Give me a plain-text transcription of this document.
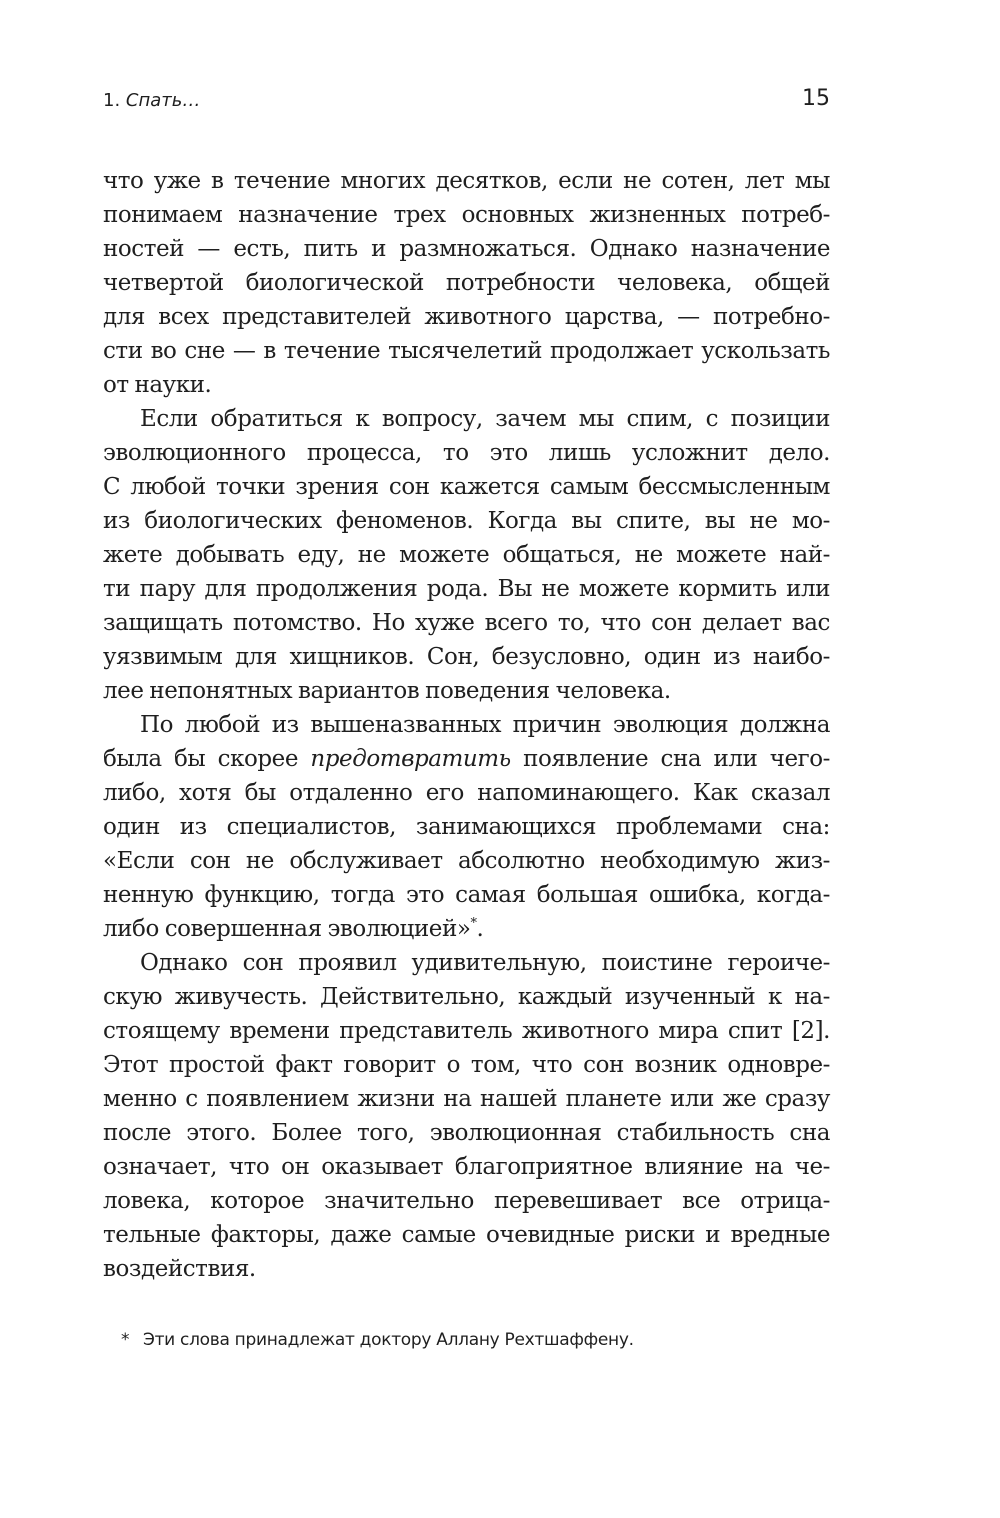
1. Спать…	15
что уже в течение многих десятков, если не сотен, лет мы
понимаем назначение трех основных жизненных потреб-
ностей — есть, пить и размножаться. Однако назначение
четвертой биологической потребности человека, общей
для всех представителей животного царства, — потребно-
сти во сне — в течение тысячелетий продолжает ускользать
от науки.
Если обратиться к вопросу, зачем мы спим, с позиции
эволюционного процесса, то это лишь усложнит дело.
С любой точки зрения сон кажется самым бессмысленным
из биологических феноменов. Когда вы спите, вы не мо-
жете добывать еду, не можете общаться, не можете най-
ти пару для продолжения рода. Вы не можете кормить или
защищать потомство. Но хуже всего то, что сон делает вас
уязвимым для хищников. Сон, безусловно, один из наибо-
лее непонятных вариантов поведения человека.
По любой из вышеназванных причин эволюция должна
была бы скорее предотвратить появление сна или чего-
либо, хотя бы отдаленно его напоминающего. Как сказал
один из специалистов, занимающихся проблемами сна:
«Если сон не обслуживает абсолютно необходимую жиз-
ненную функцию, тогда это самая большая ошибка, когда-
либо совершенная эволюцией»*.
Однако сон проявил удивительную, поистине героиче-
скую живучесть. Действительно, каждый изученный к на-
стоящему времени представитель животного мира спит [2].
Этот простой факт говорит о том, что сон возник одновре-
менно с появлением жизни на нашей планете или же сразу
после этого. Более того, эволюционная стабильность сна
означает, что он оказывает благоприятное влияние на че-
ловека, которое значительно перевешивает все отрица-
тельные факторы, даже самые очевидные риски и вредные
воздействия.
* Эти слова принадлежат доктору Аллану Рехтшаффену.
